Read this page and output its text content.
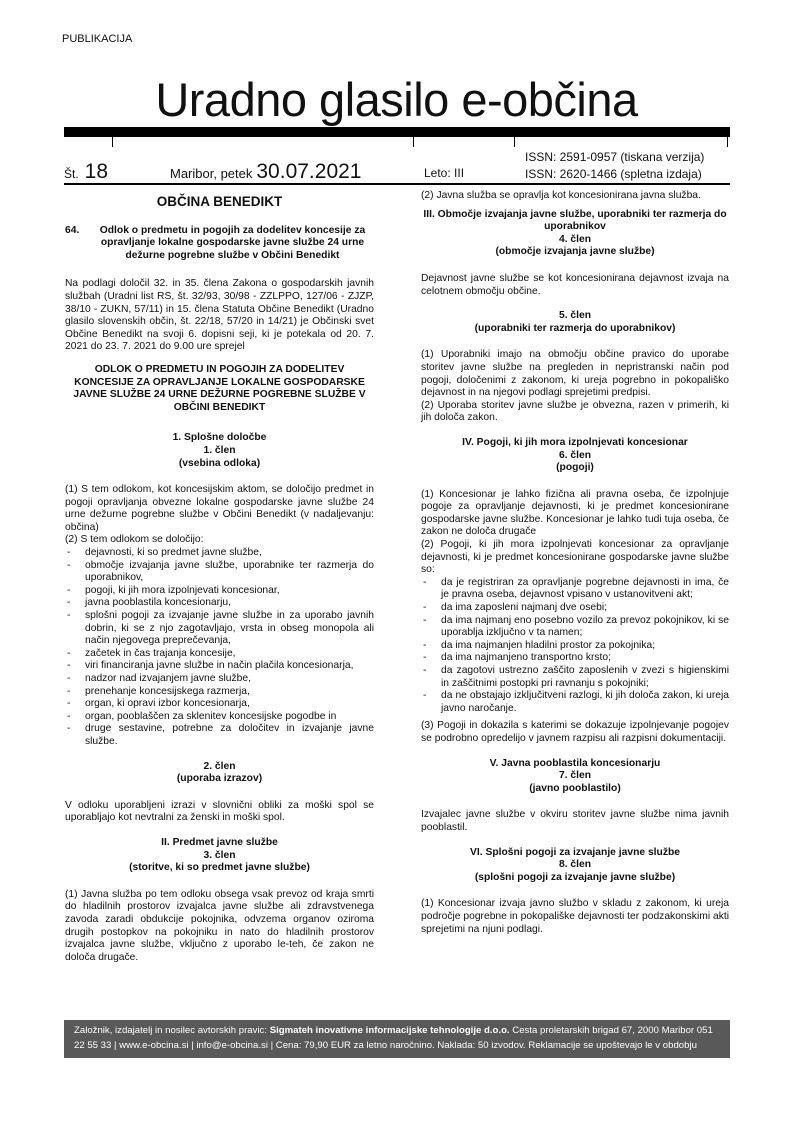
PUBLIKACIJA
Uradno glasilo e-občina
Št. 18	Maribor, petek 30.07.2021	Leto: III
ISSN: 2591-0957 (tiskana verzija)
ISSN: 2620-1466 (spletna izdaja)
OBČINA BENEDIKT
64.	Odlok o predmetu in pogojih za dodelitev koncesije za opravljanje lokalne gospodarske javne službe 24 urne dežurne pogrebne službe v Občini Benedikt

Na podlagi določil 32. in 35. člena Zakona o gospodarskih javnih službah (Uradni list RS, št. 32/93, 30/98 - ZZLPPO, 127/06 - ZJZP, 38/10 - ZUKN, 57/11) in 15. člena Statuta Občine Benedikt (Uradno glasilo slovenskih občin, št. 22/18, 57/20 in 14/21) je Občinski svet Občine Benedikt na svoji 6. dopisni seji, ki je potekala od 20. 7. 2021 do 23. 7. 2021 do 9.00 ure sprejel

ODLOK O PREDMETU IN POGOJIH ZA DODELITEV KONCESIJE ZA OPRAVLJANJE LOKALNE GOSPODARSKE JAVNE SLUŽBE 24 URNE DEŽURNE POGREBNE SLUŽBE V OBČINI BENEDIKT

1. Splošne določbe

1. člen

(vsebina odloka)

(1) S tem odlokom, kot koncesijskim aktom, se določijo predmet in pogoji opravljanja obvezne lokalne gospodarske javne službe 24 urne dežurne pogrebne službe v Občini Benedikt (v nadaljevanju: občina)

(2) S tem odlokom se določijo:

- dejavnosti, ki so predmet javne službe,
- območje izvajanja javne službe, uporabnike ter razmerja do uporabnikov,
- pogoji, ki jih mora izpolnjevati koncesionar,
- javna pooblastila koncesionarju,
- splošni pogoji za izvajanje javne službe in za uporabo javnih dobrin, ki se z njo zagotavljajo, vrsta in obseg monopola ali način njegovega preprečevanja,
- začetek in čas trajanja koncesije,
- viri financiranja javne službe in način plačila koncesionarja,
- nadzor nad izvajanjem javne službe,
- prenehanje koncesijskega razmerja,
- organ, ki opravi izbor koncesionarja,
- organ, pooblaščen za sklenitev koncesijske pogodbe in
- druge sestavine, potrebne za določitev in izvajanje javne službe.

2. člen

(uporaba izrazov)

V odloku uporabljeni izrazi v slovnični obliki za moški spol se uporabljajo kot nevtralni za ženski in moški spol.

II. Predmet javne službe

3. člen

(storitve, ki so predmet javne službe)

(1) Javna služba po tem odloku obsega vsak prevoz od kraja smrti do hladilnih prostorov izvajalca javne službe ali zdravstvenega zavoda zaradi obdukcije pokojnika, odvzema organov oziroma drugih postopkov na pokojniku in nato do hladilnih prostorov izvajalca javne službe, vključno z uporabo le-teh, če zakon ne določa drugače.

(2) Javna služba se opravlja kot koncesionirana javna služba.

III. Območje izvajanja javne službe, uporabniki ter razmerja do uporabnikov

4. člen

(območje izvajanja javne službe)

Dejavnost javne službe se kot koncesionirana dejavnost izvaja na celotnem območju občine.

5. člen

(uporabniki ter razmerja do uporabnikov)

(1) Uporabniki imajo na območju občine pravico do uporabe storitev javne službe na pregleden in nepristranski način pod pogoji, določenimi z zakonom, ki ureja pogrebno in pokopališko dejavnost in na njegovi podlagi sprejetimi predpisi.

(2) Uporaba storitev javne službe je obvezna, razen v primerih, ki jih določa zakon.

IV. Pogoji, ki jih mora izpolnjevati koncesionar

6. člen

(pogoji)

(1) Koncesionar je lahko fizična ali pravna oseba, če izpolnjuje pogoje za opravljanje dejavnosti, ki je predmet koncesionirane gospodarske javne službe. Koncesionar je lahko tudi tuja oseba, če zakon ne določa drugače

(2) Pogoji, ki jih mora izpolnjevati koncesionar za opravljanje dejavnosti, ki je predmet koncesionirane gospodarske javne službe so:

- da je registriran za opravljanje pogrebne dejavnosti in ima, če je pravna oseba, dejavnost vpisano v ustanovitveni akt;
- da ima zaposleni najmanj dve osebi;
- da ima najmanj eno posebno vozilo za prevoz pokojnikov, ki se uporablja izključno v ta namen;
- da ima najmanjen hladilni prostor za pokojnika;
- da ima najmanjeno transportno krsto;
- da zagotovi ustrezno zaščito zaposlenih v zvezi s higienskimi in zaščitnimi postopki pri ravnanju s pokojniki;
- da ne obstajajo izključitveni razlogi, ki jih določa zakon, ki ureja javno naročanje.

(3) Pogoji in dokazila s katerimi se dokazuje izpolnjevanje pogojev se podrobno opredelijo v javnem razpisu ali razpisni dokumentaciji.

V. Javna pooblastila koncesionarju

7. člen

(javno pooblastilo)

Izvajalec javne službe v okviru storitev javne službe nima javnih pooblastil.

VI. Splošni pogoji za izvajanje javne službe

8. člen

(splošni pogoji za izvajanje javne službe)

(1) Koncesionar izvaja javno službo v skladu z zakonom, ki ureja področje pogrebne in pokopališke dejavnosti ter podzakonskimi akti sprejetimi na njuni podlagi.

Založnik, izdajatelj in nosilec avtorskih pravic: Sigmateh inovativne informacijske tehnologije d.o.o. Cesta proletarskih brigad 67, 2000 Maribor 051 22 55 33 | www.e-obcina.si | info@e-obcina.si | Cena: 79,90 EUR za letno naročnino. Naklada: 50 izvodov. Reklamacije se upoštevajo le v obdobju enega
